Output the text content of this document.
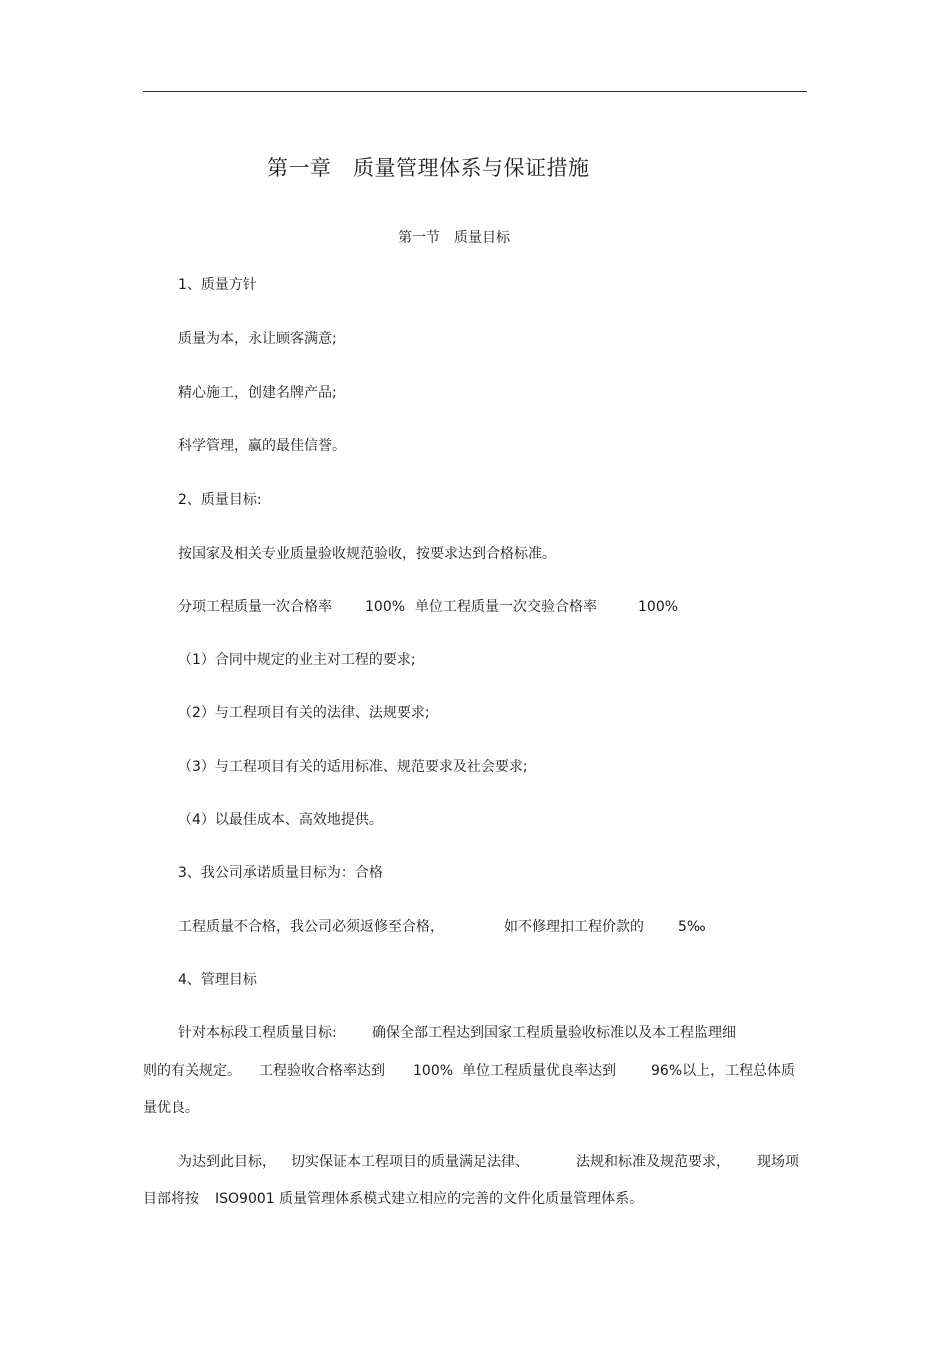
第一章　质量管理体系与保证措施
第一节　质量目标
1、质量方针
质量为本，永让顾客满意;
精心施工，创建名牌产品;
科学管理，赢的最佳信誉。
2、质量目标:
按国家及相关专业质量验收规范验收，按要求达到合格标准。
分项工程质量一次合格率 100% 单位工程质量一次交验合格率	100%
（1）合同中规定的业主对工程的要求;
（2）与工程项目有关的法律、法规要求;
（3）与工程项目有关的适用标准、规范要求及社会要求;
（4）以最佳成本、高效地提供。
3、我公司承诺质量目标为：合格
工程质量不合格，我公司必须返修至合格，	如不修理扣工程价款的 5‰
4、管理目标
针对本标段工程质量目标:	确保全部工程达到国家工程质量验收标准以及本工程监理细
则的有关规定。 工程验收合格率达到 100% 单位工程质量优良率达到	96%以上， 工程总体质
量优良。
为达到此目标， 切实保证本工程项目的质量满足法律、	法规和标准及规范要求， 现场项
目部将按 ISO9001 质量管理体系模式建立相应的完善的文件化质量管理体系。
